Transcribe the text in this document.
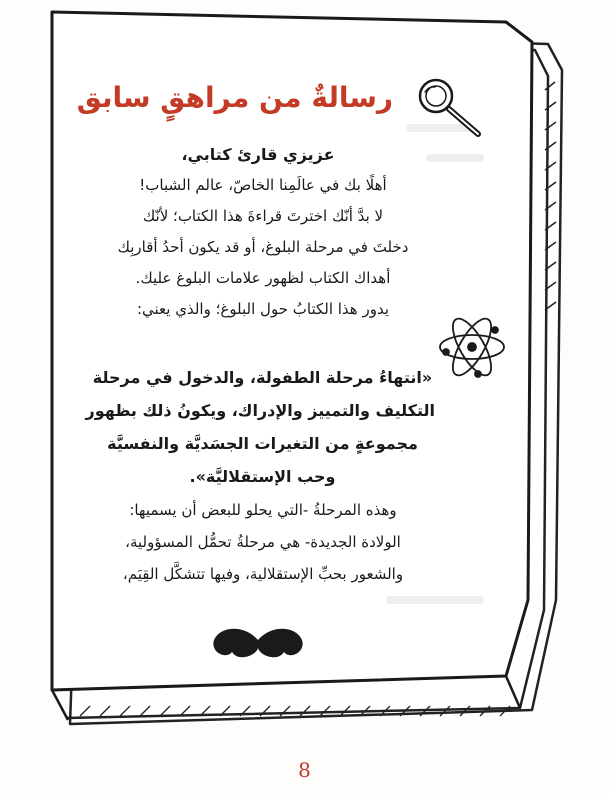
رسالةٌ من مراهقٍ سابق
عزيزي قارئ كتابي،
أهلًا بك في عالَمِنا الخاصّ، عالم الشباب!
لا بدَّ أنّك اخترتَ قراءةَ هذا الكتاب؛ لأنّك
دخلتَ في مرحلة البلوغ، أو قد يكون أحدُ أقاربِك
أهداك الكتاب لظهور علامات البلوغ عليك.
يدور هذا الكتابُ حول البلوغ؛ والذي يعني:
«انتهاءُ مرحلة الطفولة، والدخول في مرحلة
التكليف والتمييز والإدراك، ويكونُ ذلك بظهور
مجموعةٍ من التغيرات الجسَديَّة والنفسيَّة
وحب الإستقلاليَّة».
وهذه المرحلةُ -التي يحلو للبعض أن يسميها:
الولادة الجديدة- هي مرحلةُ تحمُّل المسؤولية،
والشعور بحبِّ الإستقلالية، وفيها تتشكَّل القِيَم،
8
